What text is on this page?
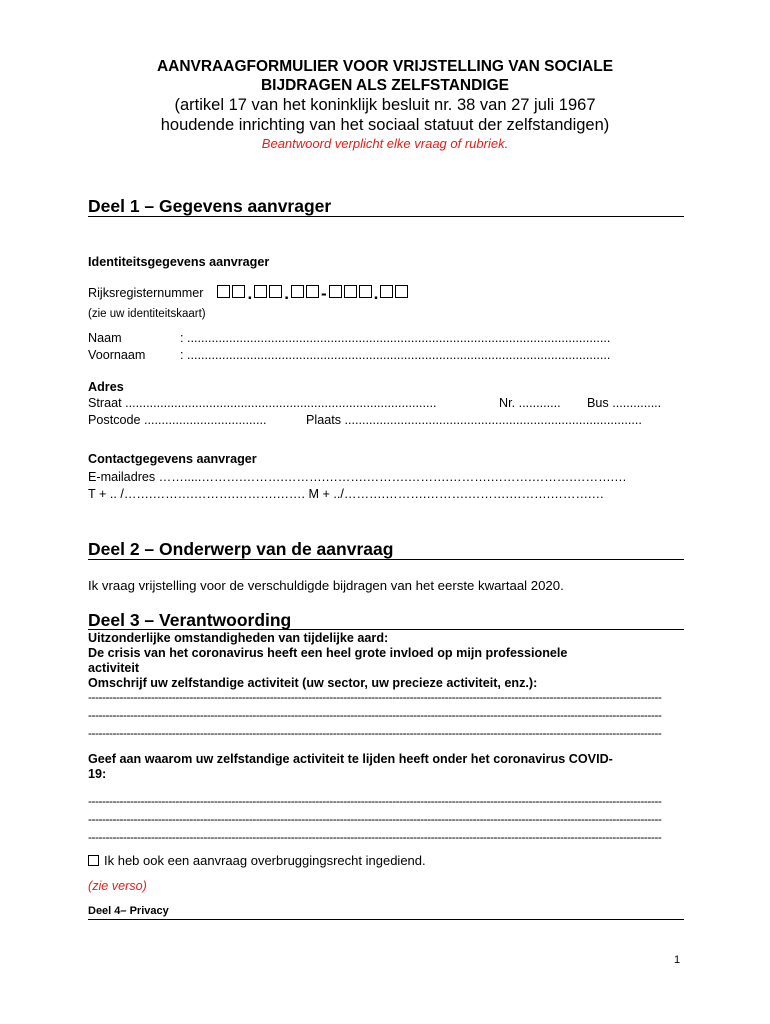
AANVRAAGFORMULIER VOOR VRIJSTELLING VAN SOCIALE
BIJDRAGEN ALS ZELFSTANDIGE
(artikel 17 van het koninklijk besluit nr. 38 van 27 juli 1967
houdende inrichting van het sociaal statuut der zelfstandigen)
Beantwoord verplicht elke vraag of rubriek.
Deel 1 – Gegevens aanvrager
Identiteitsgegevens aanvrager
Rijksregisternummer	. . -	.
(zie uw identiteitskaart)
Naam	: .........................................................................................................................
Voornaam	: .........................................................................................................................
Adres
Straat .........................................................................................	Nr. ............ Bus ..............
Postcode ...................................	Plaats .....................................................................................
Contactgegevens aanvrager
E-mailadres …….....……….……….……….……….……….……….……….……….……….……….…
T + .. /…….……….……….……….……. M + ../……….……….……….……….……….……….…
Deel 2 – Onderwerp van de aanvraag
Ik vraag vrijstelling voor de verschuldigde bijdragen van het eerste kwartaal 2020.
Deel 3 – Verantwoording
Uitzonderlijke omstandigheden van tijdelijke aard:
De crisis van het coronavirus heeft een heel grote invloed op mijn professionele
activiteit
Omschrijf uw zelfstandige activiteit (uw sector, uw precieze activiteit, enz.):
--------------------------------------------------------------------------------------------------------------------------------------------------------------------
--------------------------------------------------------------------------------------------------------------------------------------------------------------------
--------------------------------------------------------------------------------------------------------------------------------------------------------------------
Geef aan waarom uw zelfstandige activiteit te lijden heeft onder het coronavirus COVID-
19:
--------------------------------------------------------------------------------------------------------------------------------------------------------------------
--------------------------------------------------------------------------------------------------------------------------------------------------------------------
--------------------------------------------------------------------------------------------------------------------------------------------------------------------
Ik heb ook een aanvraag overbruggingsrecht ingediend.
(zie verso)
Deel 4– Privacy
1
